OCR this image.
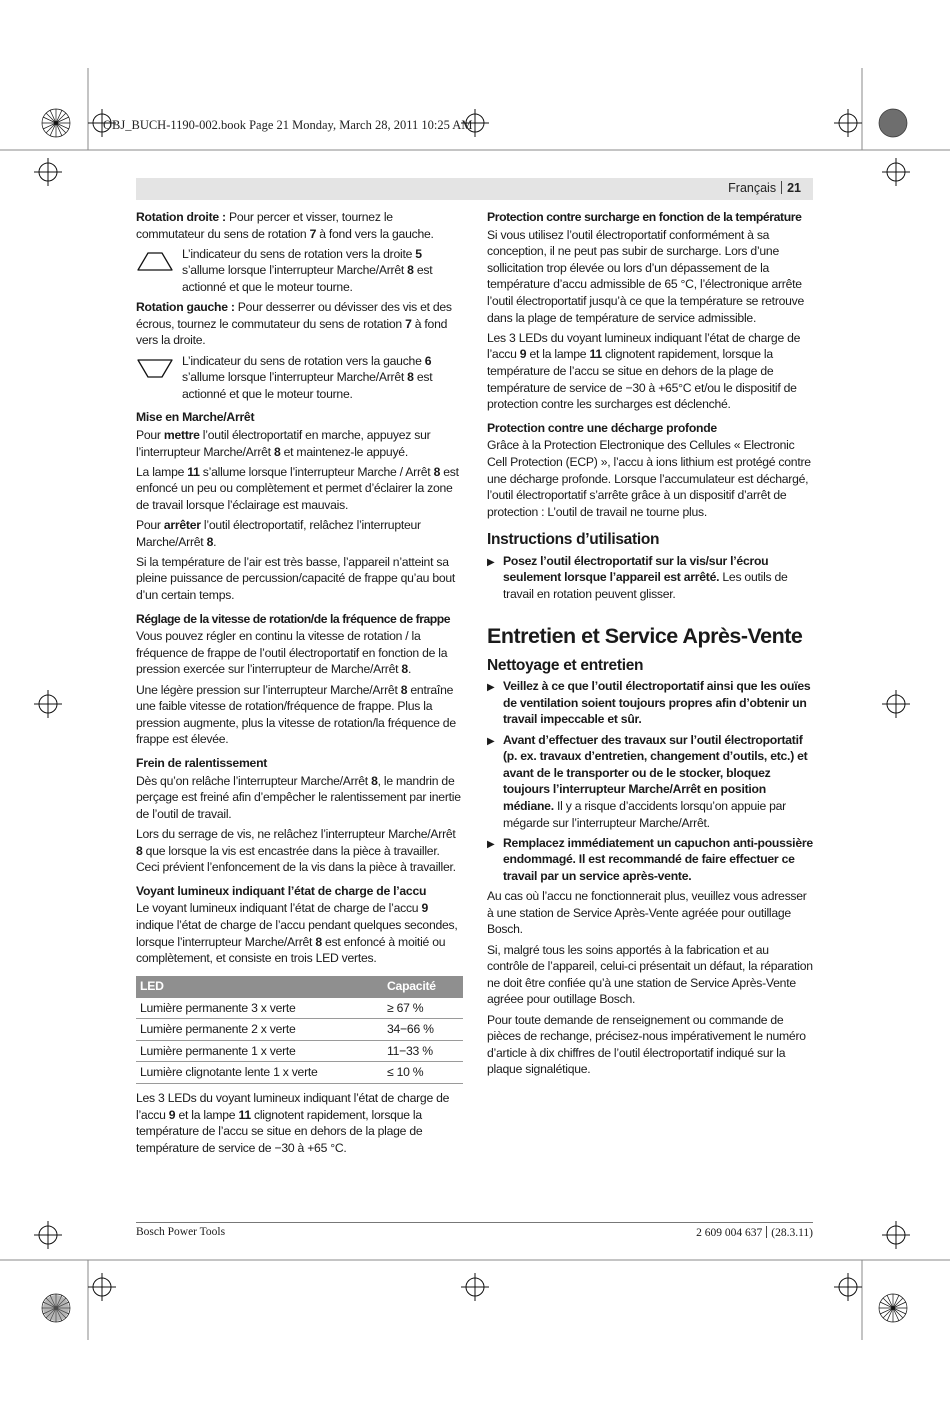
OBJ_BUCH-1190-002.book Page 21 Monday, March 28, 2011 10:25 AM
Français 21

Rotation droite : Pour percer et visser, tournez le commutateur du sens de rotation 7 à fond vers la gauche.

L’indicateur du sens de rotation vers la droite 5 s’allume lorsque l’interrupteur Marche/Arrêt 8 est actionné et que le moteur tourne.

Rotation gauche : Pour desserrer ou dévisser des vis et des écrous, tournez le commutateur du sens de rotation 7 à fond vers la droite.

L’indicateur du sens de rotation vers la gauche 6 s’allume lorsque l’interrupteur Marche/Arrêt 8 est actionné et que le moteur tourne.

Mise en Marche/Arrêt

Pour mettre l’outil électroportatif en marche, appuyez sur l’interrupteur Marche/Arrêt 8 et maintenez-le appuyé.

La lampe 11 s’allume lorsque l’interrupteur Marche / Arrêt 8 est enfoncé un peu ou complètement et permet d’éclairer la zone de travail lorsque l’éclairage est mauvais.

Pour arrêter l’outil électroportatif, relâchez l’interrupteur Marche/Arrêt 8.

Si la température de l’air est très basse, l’appareil n’atteint sa pleine puissance de percussion/capacité de frappe qu’au bout d’un certain temps.

Réglage de la vitesse de rotation/de la fréquence de frappe

Vous pouvez régler en continu la vitesse de rotation / la fréquence de frappe de l’outil électroportatif en fonction de la pression exercée sur l’interrupteur de Marche/Arrêt 8.

Une légère pression sur l’interrupteur Marche/Arrêt 8 entraîne une faible vitesse de rotation/fréquence de frappe. Plus la pression augmente, plus la vitesse de rotation/la fréquence de frappe est élevée.

Frein de ralentissement

Dès qu’on relâche l’interrupteur Marche/Arrêt 8, le mandrin de perçage est freiné afin d’empêcher le ralentissement par inertie de l’outil de travail.

Lors du serrage de vis, ne relâchez l’interrupteur Marche/Arrêt 8 que lorsque la vis est encastrée dans la pièce à travailler. Ceci prévient l’enfoncement de la vis dans la pièce à travailler.

Voyant lumineux indiquant l’état de charge de l’accu

Le voyant lumineux indiquant l’état de charge de l’accu 9 indique l’état de charge de l’accu pendant quelques secondes, lorsque l’interrupteur Marche/Arrêt 8 est enfoncé à moitié ou complètement, et consiste en trois LED vertes.

LED	Capacité
Lumière permanente 3 x verte	≥ 67 %
Lumière permanente 2 x verte	34−66 %
Lumière permanente 1 x verte	11−33 %
Lumière clignotante lente 1 x verte	≤ 10 %

Les 3 LEDs du voyant lumineux indiquant l’état de charge de l’accu 9 et la lampe 11 clignotent rapidement, lorsque la température de l’accu se situe en dehors de la plage de température de service de −30 à +65 °C.

Protection contre surcharge en fonction de la température

Si vous utilisez l’outil électroportatif conformément à sa conception, il ne peut pas subir de surcharge. Lors d’une sollicitation trop élevée ou lors d’un dépassement de la température d’accu admissible de 65 °C, l’électronique arrête l’outil électroportatif jusqu’à ce que la température se retrouve dans la plage de température de service admissible.

Les 3 LEDs du voyant lumineux indiquant l’état de charge de l’accu 9 et la lampe 11 clignotent rapidement, lorsque la température de l’accu se situe en dehors de la plage de température de service de −30 à +65°C et/ou le dispositif de protection contre les surcharges est déclenché.

Protection contre une décharge profonde

Grâce à la Protection Electronique des Cellules « Electronic Cell Protection (ECP) », l’accu à ions lithium est protégé contre une décharge profonde. Lorsque l’accumulateur est déchargé, l’outil électroportatif s’arrête grâce à un dispositif d’arrêt de protection : L’outil de travail ne tourne plus.

Instructions d’utilisation
▶ Posez l’outil électroportatif sur la vis/sur l’écrou seulement lorsque l’appareil est arrêté. Les outils de travail en rotation peuvent glisser.
Entretien et Service Après-Vente
Nettoyage et entretien
▶ Veillez à ce que l’outil électroportatif ainsi que les ouïes de ventilation soient toujours propres afin d’obtenir un travail impeccable et sûr.
▶ Avant d’effectuer des travaux sur l’outil électroportatif (p. ex. travaux d’entretien, changement d’outils, etc.) et avant de le transporter ou de le stocker, bloquez toujours l’interrupteur Marche/Arrêt en position médiane. Il y a risque d’accidents lorsqu’on appuie par mégarde sur l’interrupteur Marche/Arrêt.
▶ Remplacez immédiatement un capuchon anti-poussière endommagé. Il est recommandé de faire effectuer ce travail par un service après-vente.

Au cas où l’accu ne fonctionnerait plus, veuillez vous adresser à une station de Service Après-Vente agréée pour outillage Bosch.

Si, malgré tous les soins apportés à la fabrication et au contrôle de l’appareil, celui-ci présentait un défaut, la réparation ne doit être confiée qu’à une station de Service Après-Vente agréee pour outillage Bosch.

Pour toute demande de renseignement ou commande de pièces de rechange, précisez-nous impérativement le numéro d’article à dix chiffres de l’outil électroportatif indiqué sur la plaque signalétique.

Bosch Power Tools	2 609 004 637 (28.3.11)
